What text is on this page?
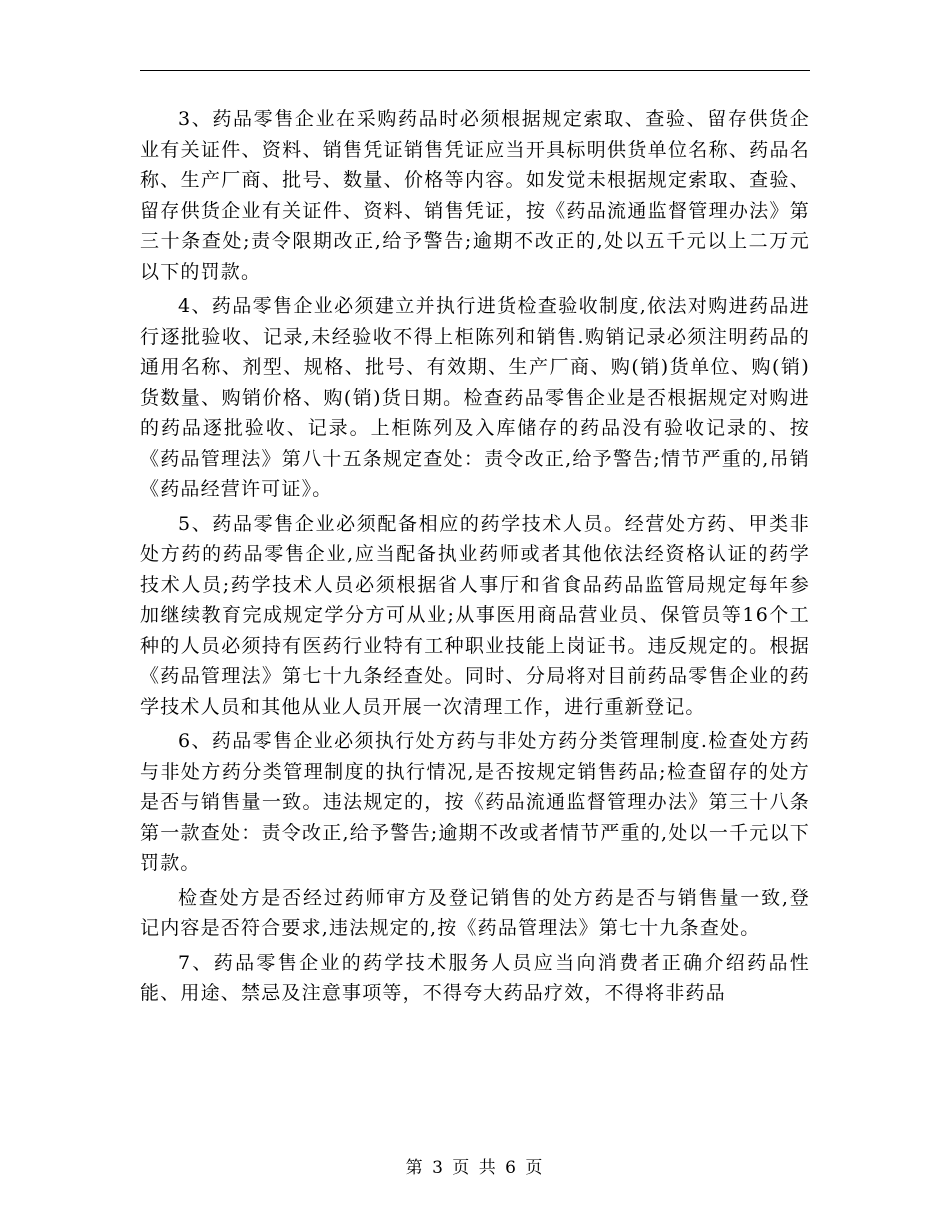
3、药品零售企业在采购药品时必须根据规定索取、查验、留存供货企业有关证件、资料、销售凭证销售凭证应当开具标明供货单位名称、药品名称、生产厂商、批号、数量、价格等内容。如发觉未根据规定索取、查验、留存供货企业有关证件、资料、销售凭证，按《药品流通监督管理办法》第三十条查处;责令限期改正,给予警告;逾期不改正的,处以五千元以上二万元以下的罚款。

4、药品零售企业必须建立并执行进货检查验收制度,依法对购进药品进行逐批验收、记录,未经验收不得上柜陈列和销售.购销记录必须注明药品的通用名称、剂型、规格、批号、有效期、生产厂商、购(销)货单位、购(销)货数量、购销价格、购(销)货日期。检查药品零售企业是否根据规定对购进的药品逐批验收、记录。上柜陈列及入库储存的药品没有验收记录的、按《药品管理法》第八十五条规定查处：责令改正,给予警告;情节严重的,吊销《药品经营许可证》。

5、药品零售企业必须配备相应的药学技术人员。经营处方药、甲类非处方药的药品零售企业,应当配备执业药师或者其他依法经资格认证的药学技术人员;药学技术人员必须根据省人事厅和省食品药品监管局规定每年参加继续教育完成规定学分方可从业;从事医用商品营业员、保管员等16个工种的人员必须持有医药行业特有工种职业技能上岗证书。违反规定的。根据《药品管理法》第七十九条经查处。同时、分局将对目前药品零售企业的药学技术人员和其他从业人员开展一次清理工作，进行重新登记。

6、药品零售企业必须执行处方药与非处方药分类管理制度.检查处方药与非处方药分类管理制度的执行情况,是否按规定销售药品;检查留存的处方是否与销售量一致。违法规定的，按《药品流通监督管理办法》第三十八条第一款查处：责令改正,给予警告;逾期不改或者情节严重的,处以一千元以下罚款。

检查处方是否经过药师审方及登记销售的处方药是否与销售量一致,登记内容是否符合要求,违法规定的,按《药品管理法》第七十九条查处。

7、药品零售企业的药学技术服务人员应当向消费者正确介绍药品性能、用途、禁忌及注意事项等，不得夸大药品疗效，不得将非药品

第 3 页 共 6 页
